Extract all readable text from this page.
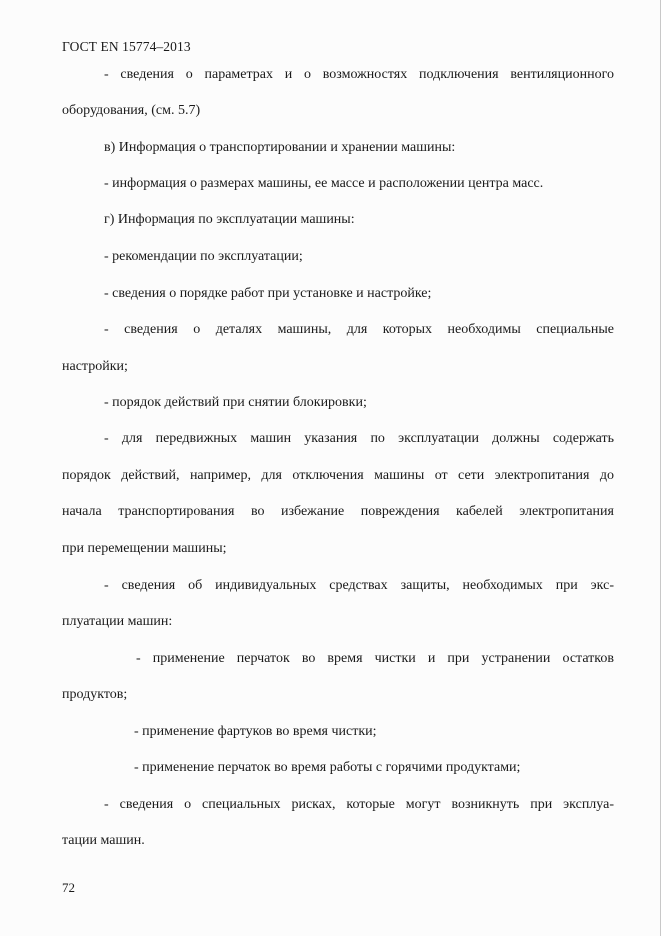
ГОСТ EN 15774–2013
- сведения о параметрах и о возможностях подключения вентиляционного
оборудования, (см. 5.7)
в) Информация о транспортировании и хранении машины:
- информация о размерах машины, ее массе и расположении центра масс.
г) Информация по эксплуатации машины:
- рекомендации по эксплуатации;
- сведения о порядке работ при установке и настройке;
- сведения о деталях машины, для которых необходимы специальные
настройки;
- порядок действий при снятии блокировки;
- для передвижных машин указания по эксплуатации должны содержать
порядок действий, например, для отключения машины от сети электропитания до
начала транспортирования во избежание повреждения кабелей электропитания
при перемещении машины;
- сведения об индивидуальных средствах защиты, необходимых при экс-
плуатации машин:
- применение перчаток во время чистки и при устранении остатков
продуктов;
- применение фартуков во время чистки;
- применение перчаток во время работы с горячими продуктами;
- сведения о специальных рисках, которые могут возникнуть при эксплуа-
тации машин.
72
